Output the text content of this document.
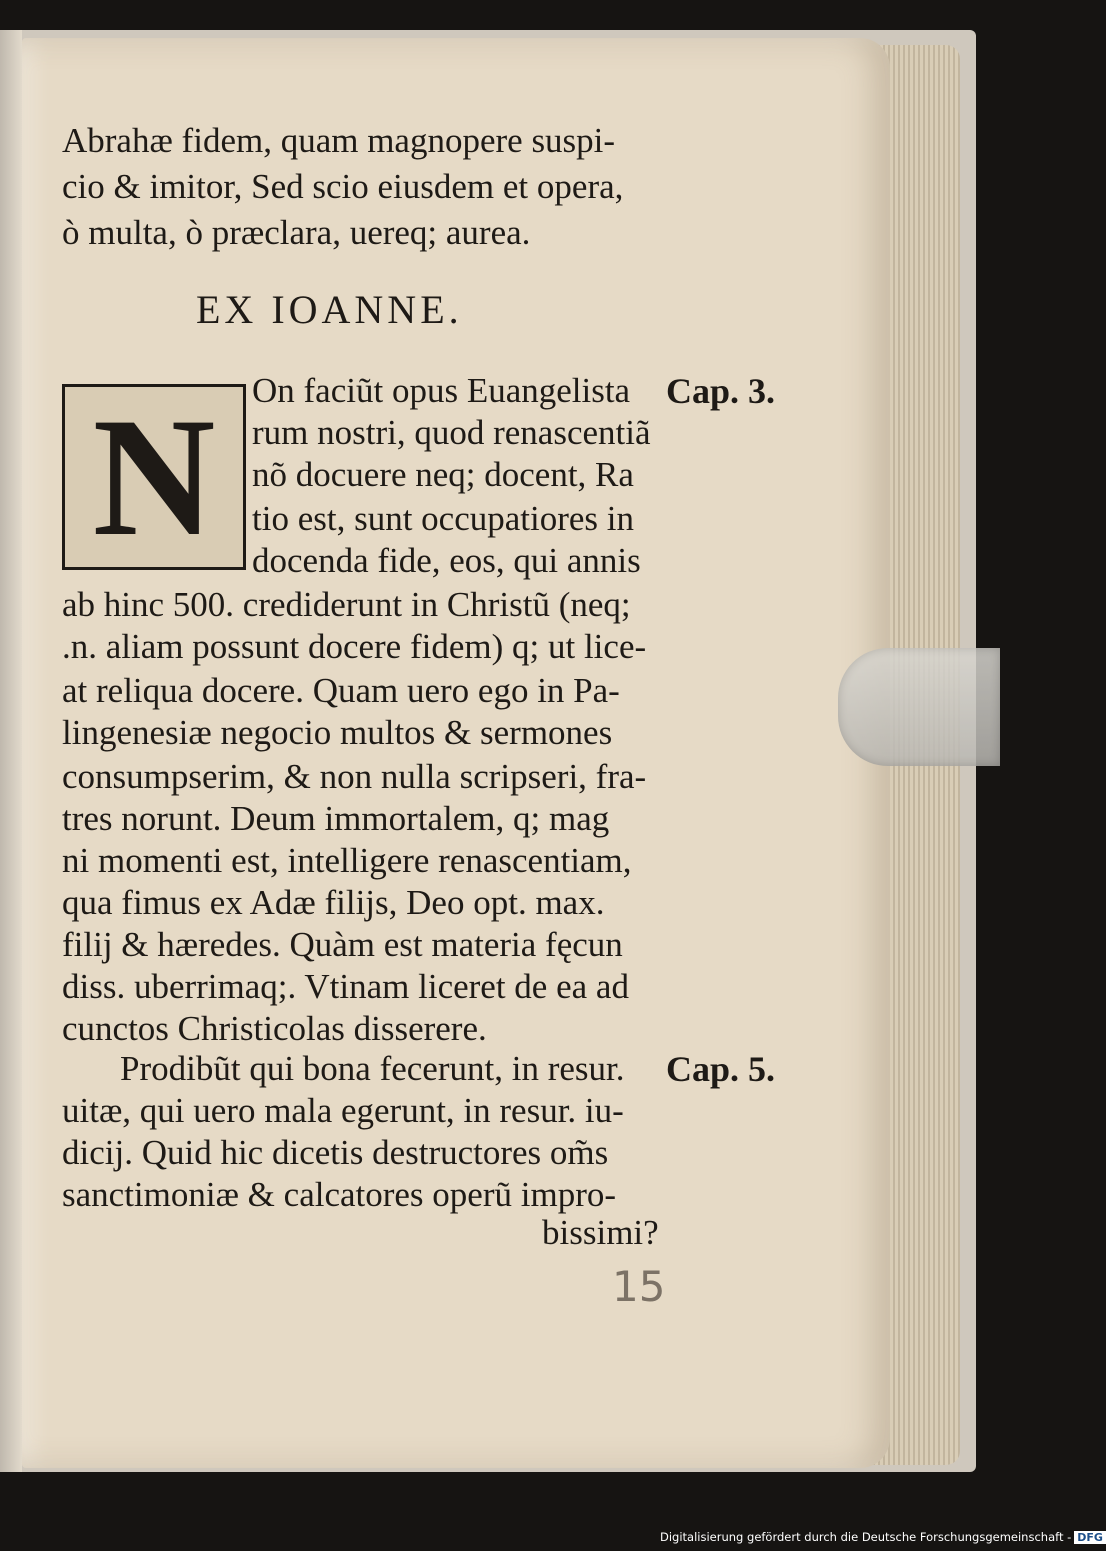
Abrahæ fidem, quam magnopere suspi-
cio & imitor, Sed scio eiusdem et opera,
ò multa, ò præclara, uereq; aurea.
EX IOANNE.
N On faciũt opus Euangelista
rum nostri, quod renascentiã
nõ docuere neq; docent, Ra
tio est, sunt occupatiores in
docenda fide, eos, qui annis
Cap. 3.
ab hinc 500. crediderunt in Christũ (neq;
.n. aliam possunt docere fidem) q; ut lice-
at reliqua docere. Quam uero ego in Pa-
lingenesiæ negocio multos & sermones
consumpserim, & non nulla scripseri, fra-
tres norunt. Deum immortalem, q; mag
ni momenti est, intelligere renascentiam,
qua fimus ex Adæ filijs, Deo opt. max.
filij & hæredes. Quàm est materia fęcun
diss. uberrimaq;. Vtinam liceret de ea ad
cunctos Christicolas disserere.
Prodibũt qui bona fecerunt, in resur.
uitæ, qui uero mala egerunt, in resur. iu-
dicij. Quid hic dicetis destructores om̃s
sanctimoniæ & calcatores operũ impro-
Cap. 5.
bissimi?
15
Digitalisierung gefördert durch die Deutsche Forschungsgemeinschaft - DFG
